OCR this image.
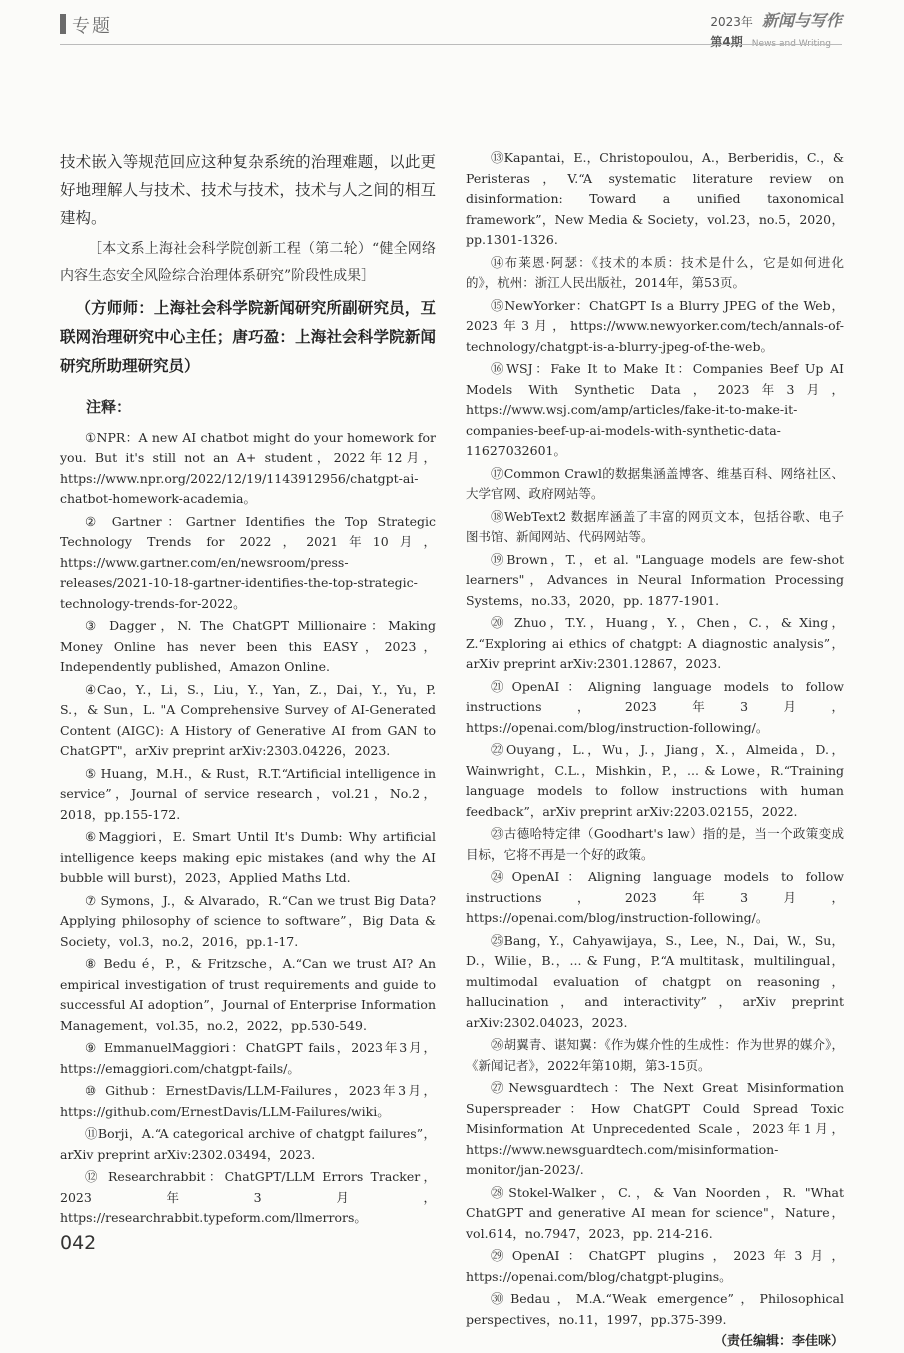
专题	2023年 新闻与写作
第4期 News and Writing

技术嵌入等规范回应这种复杂系统的治理难题，以此更好地理解人与技术、技术与技术，技术与人之间的相互建构。

［本文系上海社会科学院创新工程（第二轮）“健全网络内容生态安全风险综合治理体系研究”阶段性成果］

（方师师：上海社会科学院新闻研究所副研究员，互联网治理研究中心主任；唐巧盈：上海社会科学院新闻研究所助理研究员）

注释：

①NPR：A new AI chatbot might do your homework for you. But it's still not an A+ student，2022年12月，https://www.npr.org/2022/12/19/1143912956/chatgpt-ai-chatbot-homework-academia。

② Gartner：Gartner Identifies the Top Strategic Technology Trends for 2022，2021年10月，https://www.gartner.com/en/newsroom/press-releases/2021-10-18-gartner-identifies-the-top-strategic-technology-trends-for-2022。

③ Dagger，N. The ChatGPT Millionaire：Making Money Online has never been this EASY，2023，Independently published，Amazon Online.

④Cao，Y.，Li，S.，Liu，Y.，Yan，Z.，Dai，Y.，Yu，P. S.，& Sun，L. "A Comprehensive Survey of AI-Generated Content (AIGC): A History of Generative AI from GAN to ChatGPT"，arXiv preprint arXiv:2303.04226，2023.

⑤ Huang，M.H.，& Rust，R.T.“Artificial intelligence in service”，Journal of service research，vol.21，No.2，2018，pp.155-172.

⑥Maggiori，E. Smart Until It's Dumb: Why artificial intelligence keeps making epic mistakes (and why the AI bubble will burst)，2023，Applied Maths Ltd.

⑦ Symons，J.，& Alvarado，R.“Can we trust Big Data? Applying philosophy of science to software”，Big Data & Society，vol.3，no.2，2016，pp.1-17.

⑧ Bedu é，P.，& Fritzsche，A.“Can we trust AI? An empirical investigation of trust requirements and guide to successful AI adoption”，Journal of Enterprise Information Management，vol.35，no.2，2022，pp.530-549.

⑨ EmmanuelMaggiori：ChatGPT fails，2023年3月，https://emaggiori.com/chatgpt-fails/。

⑩ Github：ErnestDavis/LLM-Failures，2023年3月，https://github.com/ErnestDavis/LLM-Failures/wiki。

⑪Borji，A.“A categorical archive of chatgpt failures”，arXiv preprint arXiv:2302.03494，2023.

⑫ Researchrabbit：ChatGPT/LLM Errors Tracker，2023年3月，https://researchrabbit.typeform.com/llmerrors。

⑬Kapantai，E.，Christopoulou，A.，Berberidis，C.，& Peristeras，V.“A systematic literature review on disinformation: Toward a unified taxonomical framework”，New Media & Society，vol.23，no.5，2020，pp.1301-1326.

⑭布莱恩·阿瑟：《技术的本质：技术是什么，它是如何进化的》，杭州：浙江人民出版社，2014年，第53页。

⑮NewYorker：ChatGPT Is a Blurry JPEG of the Web，2023年3月，https://www.newyorker.com/tech/annals-of-technology/chatgpt-is-a-blurry-jpeg-of-the-web。

⑯WSJ：Fake It to Make It：Companies Beef Up AI Models With Synthetic Data，2023年3月，https://www.wsj.com/amp/articles/fake-it-to-make-it-companies-beef-up-ai-models-with-synthetic-data-11627032601。

⑰Common Crawl的数据集涵盖博客、维基百科、网络社区、大学官网、政府网站等。

⑱WebText2 数据库涵盖了丰富的网页文本，包括谷歌、电子图书馆、新闻网站、代码网站等。

⑲Brown，T.，et al. "Language models are few-shot learners"，Advances in Neural Information Processing Systems，no.33，2020，pp. 1877-1901.

⑳ Zhuo，T.Y.，Huang，Y.，Chen，C.，& Xing，Z.“Exploring ai ethics of chatgpt: A diagnostic analysis”，arXiv preprint arXiv:2301.12867，2023.

㉑OpenAI：Aligning language models to follow instructions，2023年3月，https://openai.com/blog/instruction-following/。

㉒Ouyang，L.，Wu，J.，Jiang，X.，Almeida，D.，Wainwright，C.L.，Mishkin，P.，... & Lowe，R.“Training language models to follow instructions with human feedback”，arXiv preprint arXiv:2203.02155，2022.

㉓古德哈特定律（Goodhart's law）指的是，当一个政策变成目标，它将不再是一个好的政策。

㉔OpenAI：Aligning language models to follow instructions，2023年3月，https://openai.com/blog/instruction-following/。

㉕Bang，Y.，Cahyawijaya，S.，Lee，N.，Dai，W.，Su，D.，Wilie，B.，... & Fung，P.“A multitask，multilingual，multimodal evaluation of chatgpt on reasoning，hallucination，and interactivity”，arXiv preprint arXiv:2302.04023，2023.

㉖胡翼青、谌知翼：《作为媒介性的生成性：作为世界的媒介》，《新闻记者》，2022年第10期，第3-15页。

㉗Newsguardtech：The Next Great Misinformation Superspreader：How ChatGPT Could Spread Toxic Misinformation At Unprecedented Scale，2023年1月，https://www.newsguardtech.com/misinformation-monitor/jan-2023/.

㉘Stokel-Walker，C.，& Van Noorden，R. "What ChatGPT and generative AI mean for science"，Nature，vol.614，no.7947，2023，pp. 214-216.

㉙OpenAI：ChatGPT plugins，2023年3月，https://openai.com/blog/chatgpt-plugins。

㉚Bedau，M.A.“Weak emergence”，Philosophical perspectives，no.11，1997，pp.375-399.

（责任编辑：李佳咪）
042
